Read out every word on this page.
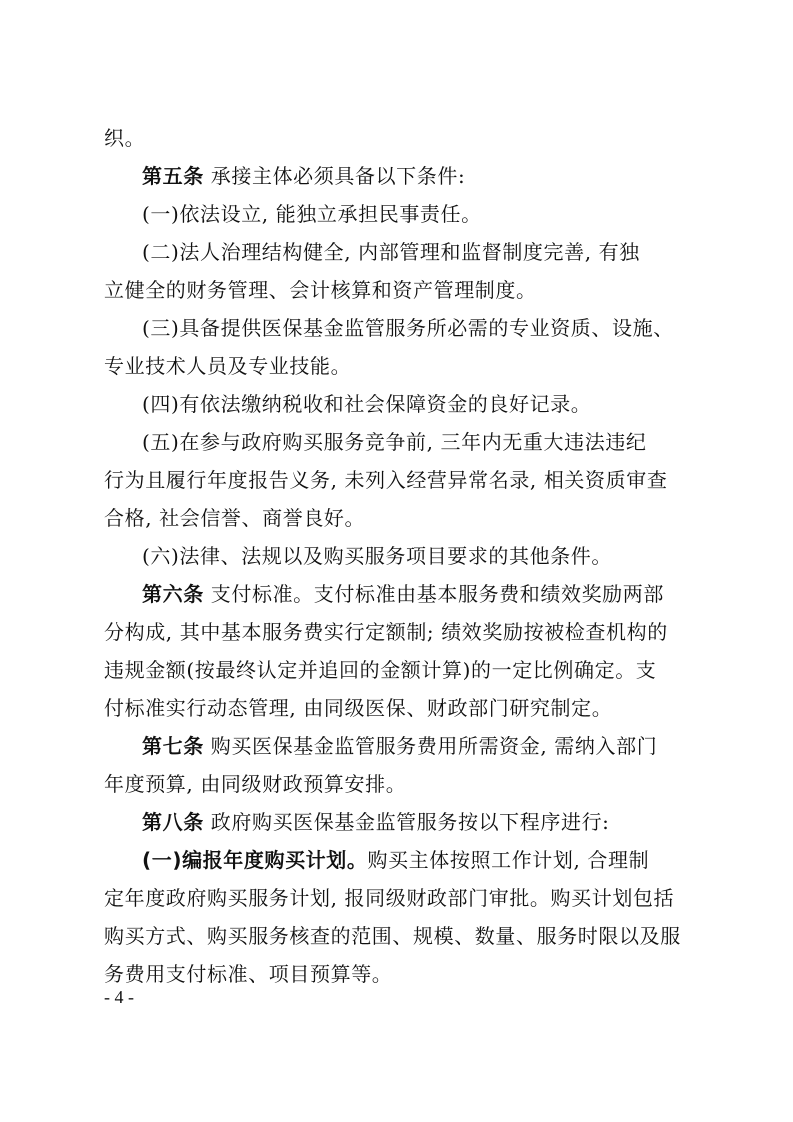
织。
第五条 承接主体必须具备以下条件:
(一)依法设立, 能独立承担民事责任。
(二)法人治理结构健全, 内部管理和监督制度完善, 有独
立健全的财务管理、会计核算和资产管理制度。
(三)具备提供医保基金监管服务所必需的专业资质、设施、
专业技术人员及专业技能。
(四)有依法缴纳税收和社会保障资金的良好记录。
(五)在参与政府购买服务竞争前, 三年内无重大违法违纪
行为且履行年度报告义务, 未列入经营异常名录, 相关资质审查
合格, 社会信誉、商誉良好。
(六)法律、法规以及购买服务项目要求的其他条件。
第六条 支付标准。支付标准由基本服务费和绩效奖励两部
分构成, 其中基本服务费实行定额制; 绩效奖励按被检查机构的
违规金额(按最终认定并追回的金额计算)的一定比例确定。支
付标准实行动态管理, 由同级医保、财政部门研究制定。
第七条 购买医保基金监管服务费用所需资金, 需纳入部门
年度预算, 由同级财政预算安排。
第八条 政府购买医保基金监管服务按以下程序进行:
(一)编报年度购买计划。购买主体按照工作计划, 合理制
定年度政府购买服务计划, 报同级财政部门审批。购买计划包括
购买方式、购买服务核查的范围、规模、数量、服务时限以及服
务费用支付标准、项目预算等。
- 4 -
